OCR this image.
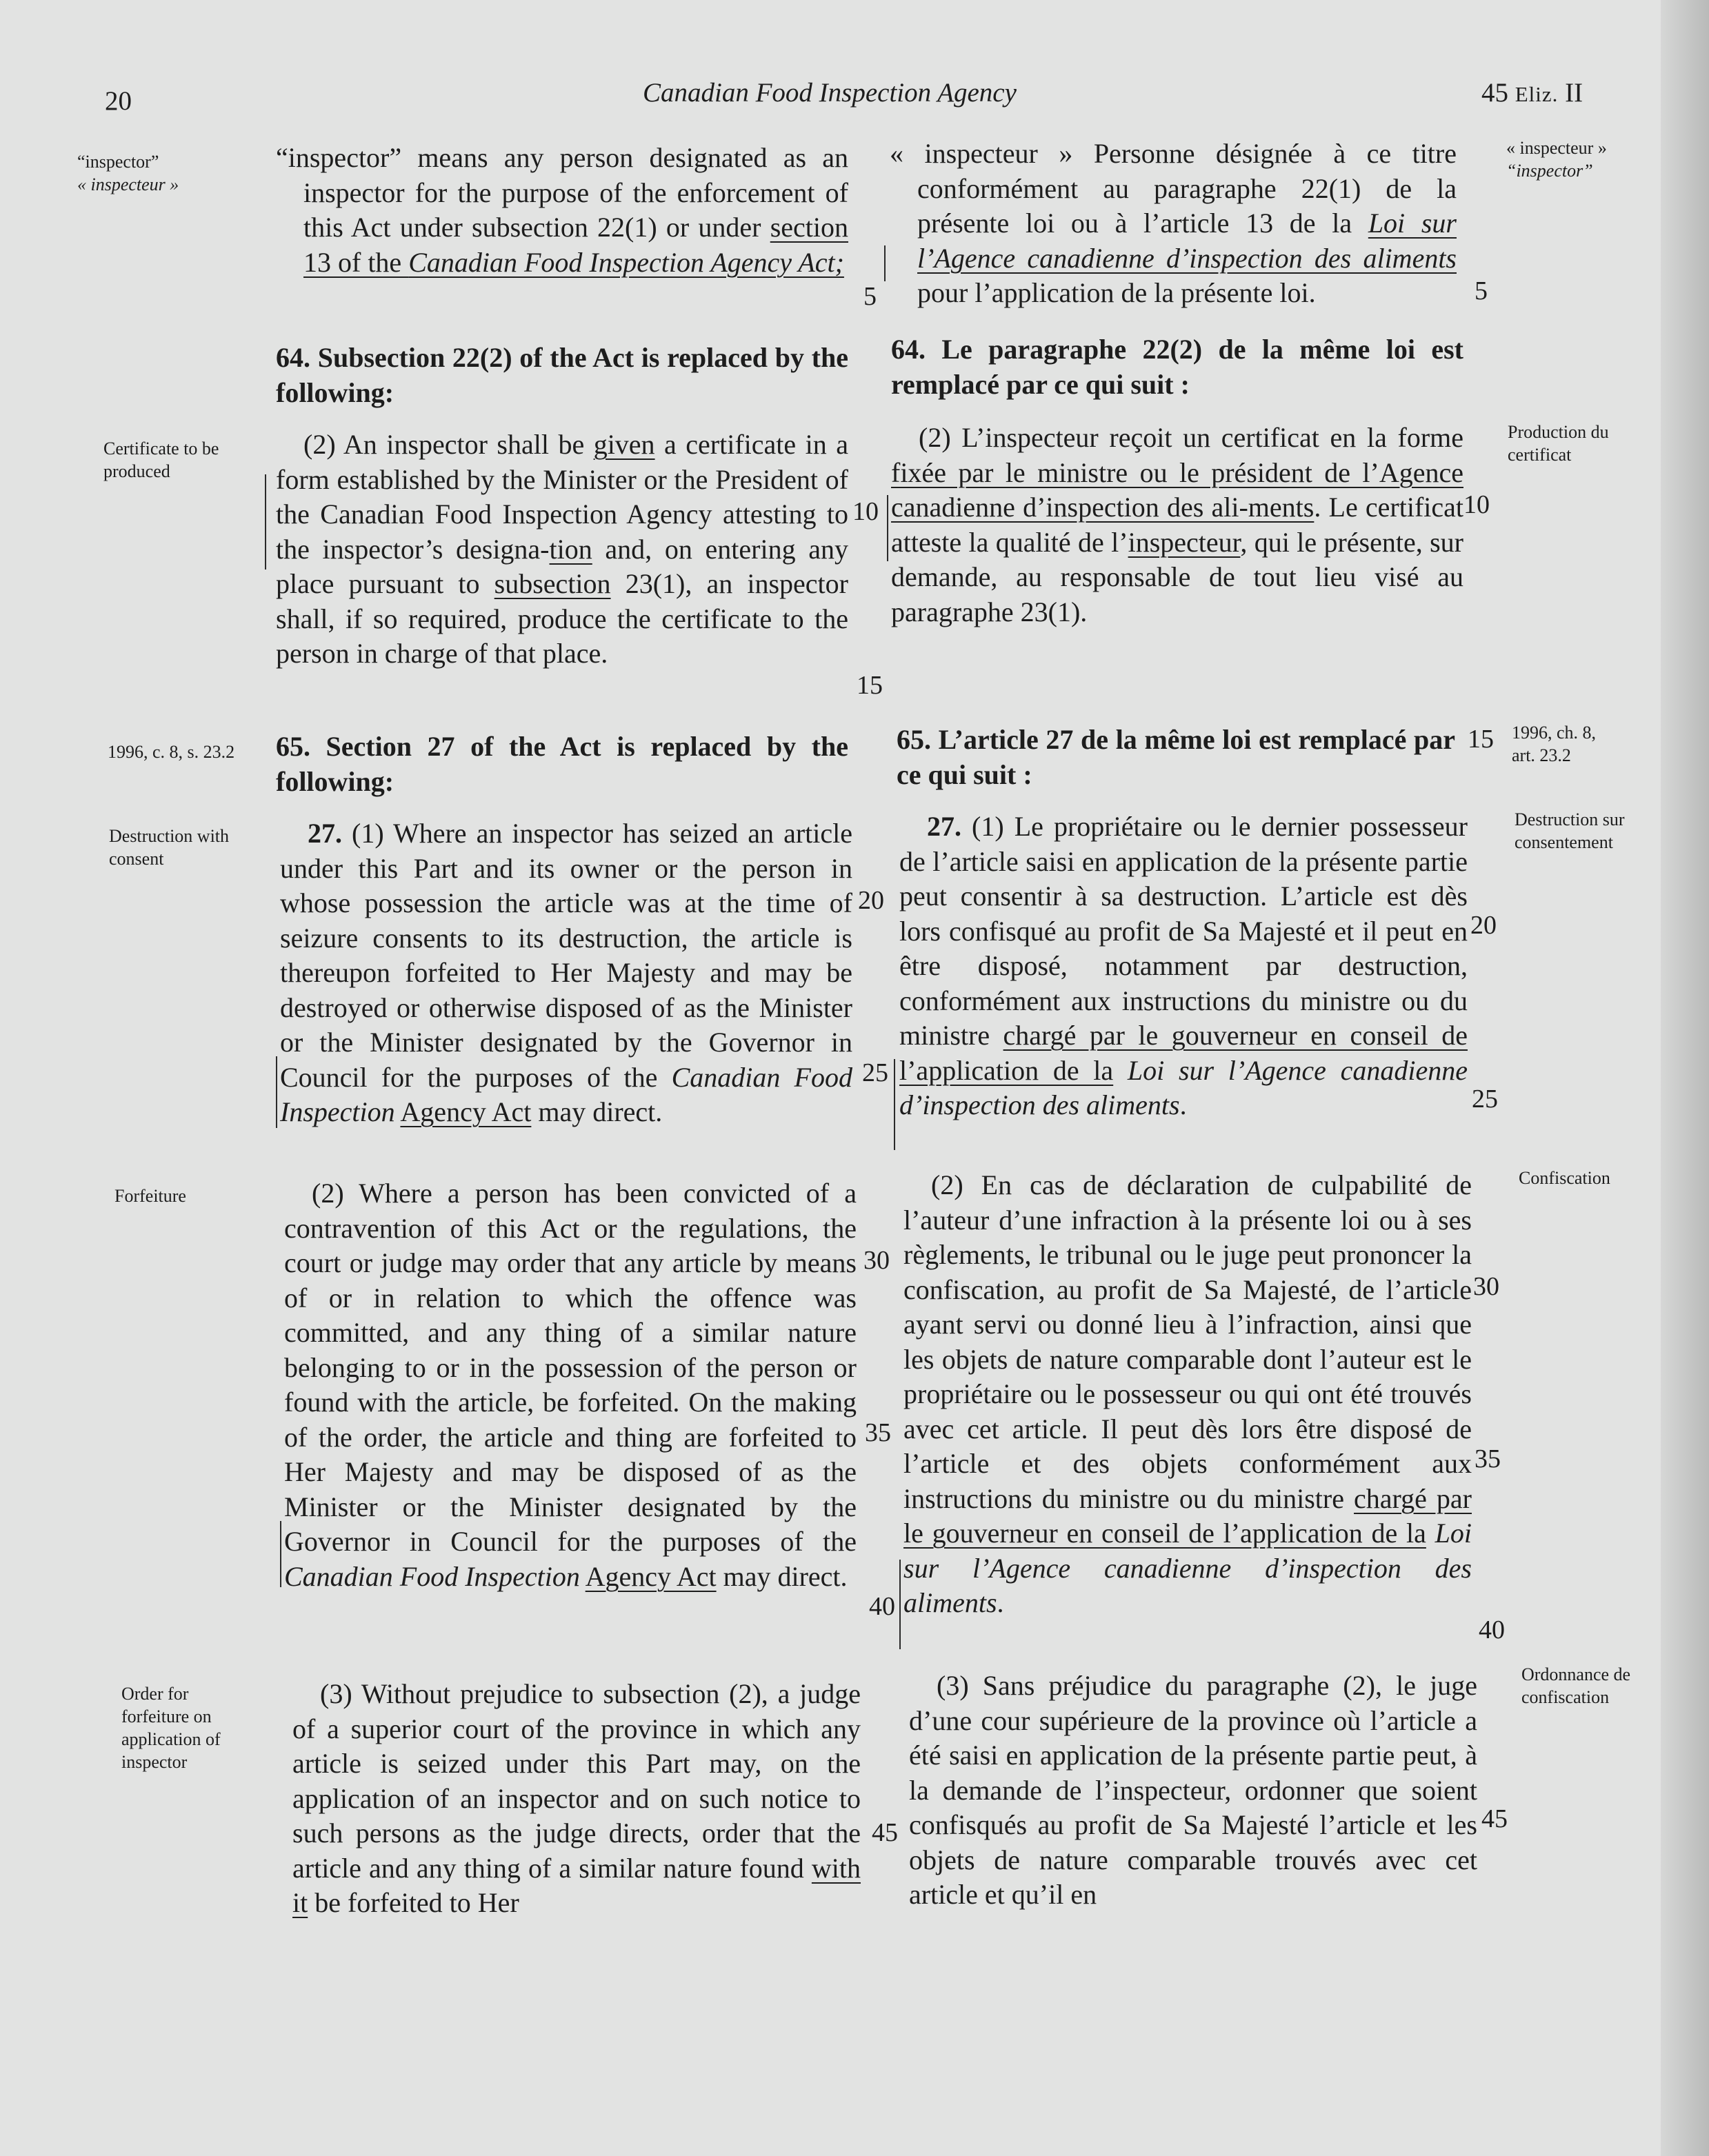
20	Canadian Food Inspection Agency	45 Eliz. II
“inspector”
« inspecteur »
Certificate to be produced
1996, c. 8, s. 23.2
Destruction with consent
Forfeiture
Order for forfeiture on application of inspector
« inspecteur »
“inspector”
Production du certificat
1996, ch. 8, art. 23.2
Destruction sur consentement
Confiscation
Ordonnance de confiscation

“inspector” means any person designated as an inspector for the purpose of the enforcement of this Act under subsection 22(1) or under section 13 of the Canadian Food Inspection Agency Act;

64. Subsection 22(2) of the Act is replaced by the following:

(2) An inspector shall be given a certificate in a form established by the Minister or the President of the Canadian Food Inspection Agency attesting to the inspector’s designa-tion and, on entering any place pursuant to subsection 23(1), an inspector shall, if so required, produce the certificate to the person in charge of that place.

65. Section 27 of the Act is replaced by the following:

27. (1) Where an inspector has seized an article under this Part and its owner or the person in whose possession the article was at the time of seizure consents to its destruction, the article is thereupon forfeited to Her Majesty and may be destroyed or otherwise disposed of as the Minister or the Minister designated by the Governor in Council for the purposes of the Canadian Food Inspection Agency Act may direct.

(2) Where a person has been convicted of a contravention of this Act or the regulations, the court or judge may order that any article by means of or in relation to which the offence was committed, and any thing of a similar nature belonging to or in the possession of the person or found with the article, be forfeited. On the making of the order, the article and thing are forfeited to Her Majesty and may be disposed of as the Minister or the Minister designated by the Governor in Council for the purposes of the Canadian Food Inspection Agency Act may direct.

(3) Without prejudice to subsection (2), a judge of a superior court of the province in which any article is seized under this Part may, on the application of an inspector and on such notice to such persons as the judge directs, order that the article and any thing of a similar nature found with it be forfeited to Her

« inspecteur » Personne désignée à ce titre conformément au paragraphe 22(1) de la présente loi ou à l’article 13 de la Loi sur l’Agence canadienne d’inspection des aliments pour l’application de la présente loi.

64. Le paragraphe 22(2) de la même loi est remplacé par ce qui suit :

(2) L’inspecteur reçoit un certificat en la forme fixée par le ministre ou le président de l’Agence canadienne d’inspection des ali-ments. Le certificat atteste la qualité de l’inspecteur, qui le présente, sur demande, au responsable de tout lieu visé au paragraphe 23(1).

65. L’article 27 de la même loi est remplacé par ce qui suit :

27. (1) Le propriétaire ou le dernier possesseur de l’article saisi en application de la présente partie peut consentir à sa destruction. L’article est dès lors confisqué au profit de Sa Majesté et il peut en être disposé, notamment par destruction, conformément aux instructions du ministre ou du ministre chargé par le gouverneur en conseil de l’application de la Loi sur l’Agence canadienne d’inspection des aliments.

(2) En cas de déclaration de culpabilité de l’auteur d’une infraction à la présente loi ou à ses règlements, le tribunal ou le juge peut prononcer la confiscation, au profit de Sa Majesté, de l’article ayant servi ou donné lieu à l’infraction, ainsi que les objets de nature comparable dont l’auteur est le propriétaire ou le possesseur ou qui ont été trouvés avec cet article. Il peut dès lors être disposé de l’article et des objets conformément aux instructions du ministre ou du ministre chargé par le gouverneur en conseil de l’application de la Loi sur l’Agence canadienne d’inspection des aliments.

(3) Sans préjudice du paragraphe (2), le juge d’une cour supérieure de la province où l’article a été saisi en application de la présente partie peut, à la demande de l’inspecteur, ordonner que soient confisqués au profit de Sa Majesté l’article et les objets de nature comparable trouvés avec cet article et qu’il en

5
10
15
20
25
30
35
40
45
5
10
15
20
25
30
35
40
45
